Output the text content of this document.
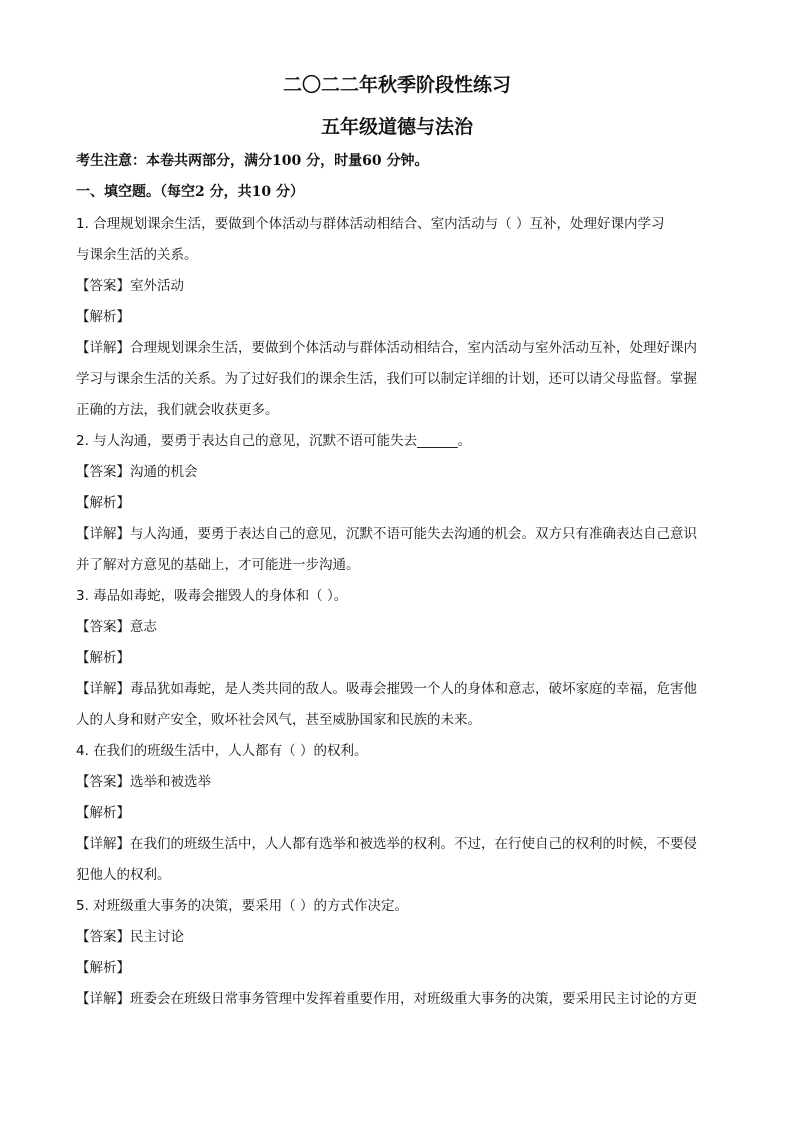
二〇二二年秋季阶段性练习
五年级道德与法治
考生注意：本卷共两部分，满分100 分，时量60 分钟。
一、填空题。（每空2 分，共10 分）
1. 合理规划课余生活，要做到个体活动与群体活动相结合、室内活动与（ ）互补，处理好课内学习
与课余生活的关系。
【答案】室外活动
【解析】
【详解】合理规划课余生活，要做到个体活动与群体活动相结合，室内活动与室外活动互补，处理好课内
学习与课余生活的关系。为了过好我们的课余生活，我们可以制定详细的计划，还可以请父母监督。掌握
正确的方法，我们就会收获更多。
2. 与人沟通，要勇于表达自己的意见，沉默不语可能失去______。
【答案】沟通的机会
【解析】
【详解】与人沟通，要勇于表达自己的意见，沉默不语可能失去沟通的机会。双方只有准确表达自己意识
并了解对方意见的基础上，才可能进一步沟通。
3. 毒品如毒蛇，吸毒会摧毁人的身体和（ ）。
【答案】意志
【解析】
【详解】毒品犹如毒蛇，是人类共同的敌人。吸毒会摧毁一个人的身体和意志，破坏家庭的幸福，危害他
人的人身和财产安全，败坏社会风气，甚至威胁国家和民族的未来。
4. 在我们的班级生活中，人人都有（ ）的权利。
【答案】选举和被选举
【解析】
【详解】在我们的班级生活中，人人都有选举和被选举的权利。不过，在行使自己的权利的时候，不要侵
犯他人的权利。
5. 对班级重大事务的决策，要采用（ ）的方式作决定。
【答案】民主讨论
【解析】
【详解】班委会在班级日常事务管理中发挥着重要作用，对班级重大事务的决策，要采用民主讨论的方更
